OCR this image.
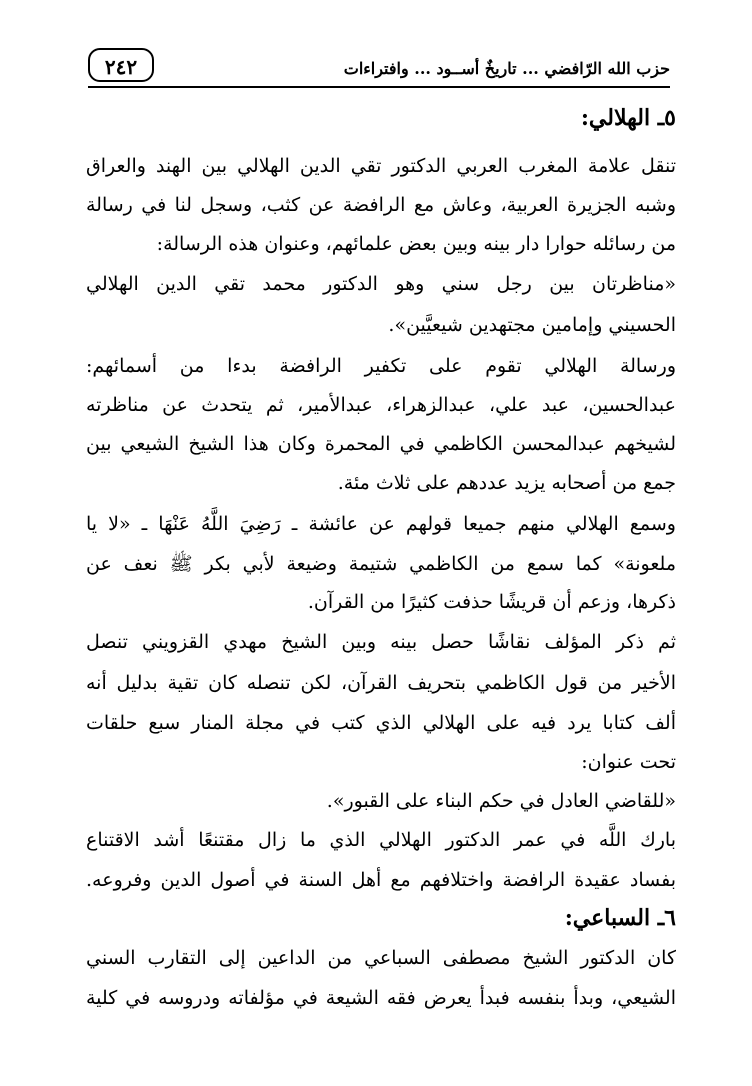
حزب الله الرّافضي ... تاريخٌ أســود ... وافتراءات
٢٤٢
٥ـ الهلالي:
تنقل علامة المغرب العربي الدكتور تقي الدين الهلالي بين الهند والعراق
وشبه الجزيرة العربية، وعاش مع الرافضة عن كثب، وسجل لنا في رسالة
من رسائله حوارا دار بينه وبين بعض علمائهم، وعنوان هذه الرسالة:
«مناظرتان بين رجل سني وهو الدكتور محمد تقي الدين الهلالي
الحسيني وإمامين مجتهدين شيعيَّين».
ورسالة الهلالي تقوم على تكفير الرافضة بدءا من أسمائهم:
عبدالحسين، عبد علي، عبدالزهراء، عبدالأمير، ثم يتحدث عن مناظرته
لشيخهم عبدالمحسن الكاظمي في المحمرة وكان هذا الشيخ الشيعي بين
جمع من أصحابه يزيد عددهم على ثلاث مئة.
وسمع الهلالي منهم جميعا قولهم عن عائشة ـ رَضِيَ اللَّهُ عَنْهَا ـ «لا يا
ملعونة» كما سمع من الكاظمي شتيمة وضيعة لأبي بكر ﷺ نعف عن
ذكرها، وزعم أن قريشًا حذفت كثيرًا من القرآن.
ثم ذكر المؤلف نقاشًا حصل بينه وبين الشيخ مهدي القزويني تنصل
الأخير من قول الكاظمي بتحريف القرآن، لكن تنصله كان تقية بدليل أنه
ألف كتابا يرد فيه على الهلالي الذي كتب في مجلة المنار سبع حلقات
تحت عنوان:
«للقاضي العادل في حكم البناء على القبور».
بارك اللَّه في عمر الدكتور الهلالي الذي ما زال مقتنعًا أشد الاقتناع
بفساد عقيدة الرافضة واختلافهم مع أهل السنة في أصول الدين وفروعه.
٦ـ السباعي:
كان الدكتور الشيخ مصطفى السباعي من الداعين إلى التقارب السني
الشيعي، وبدأ بنفسه فبدأ يعرض فقه الشيعة في مؤلفاته ودروسه في كلية
